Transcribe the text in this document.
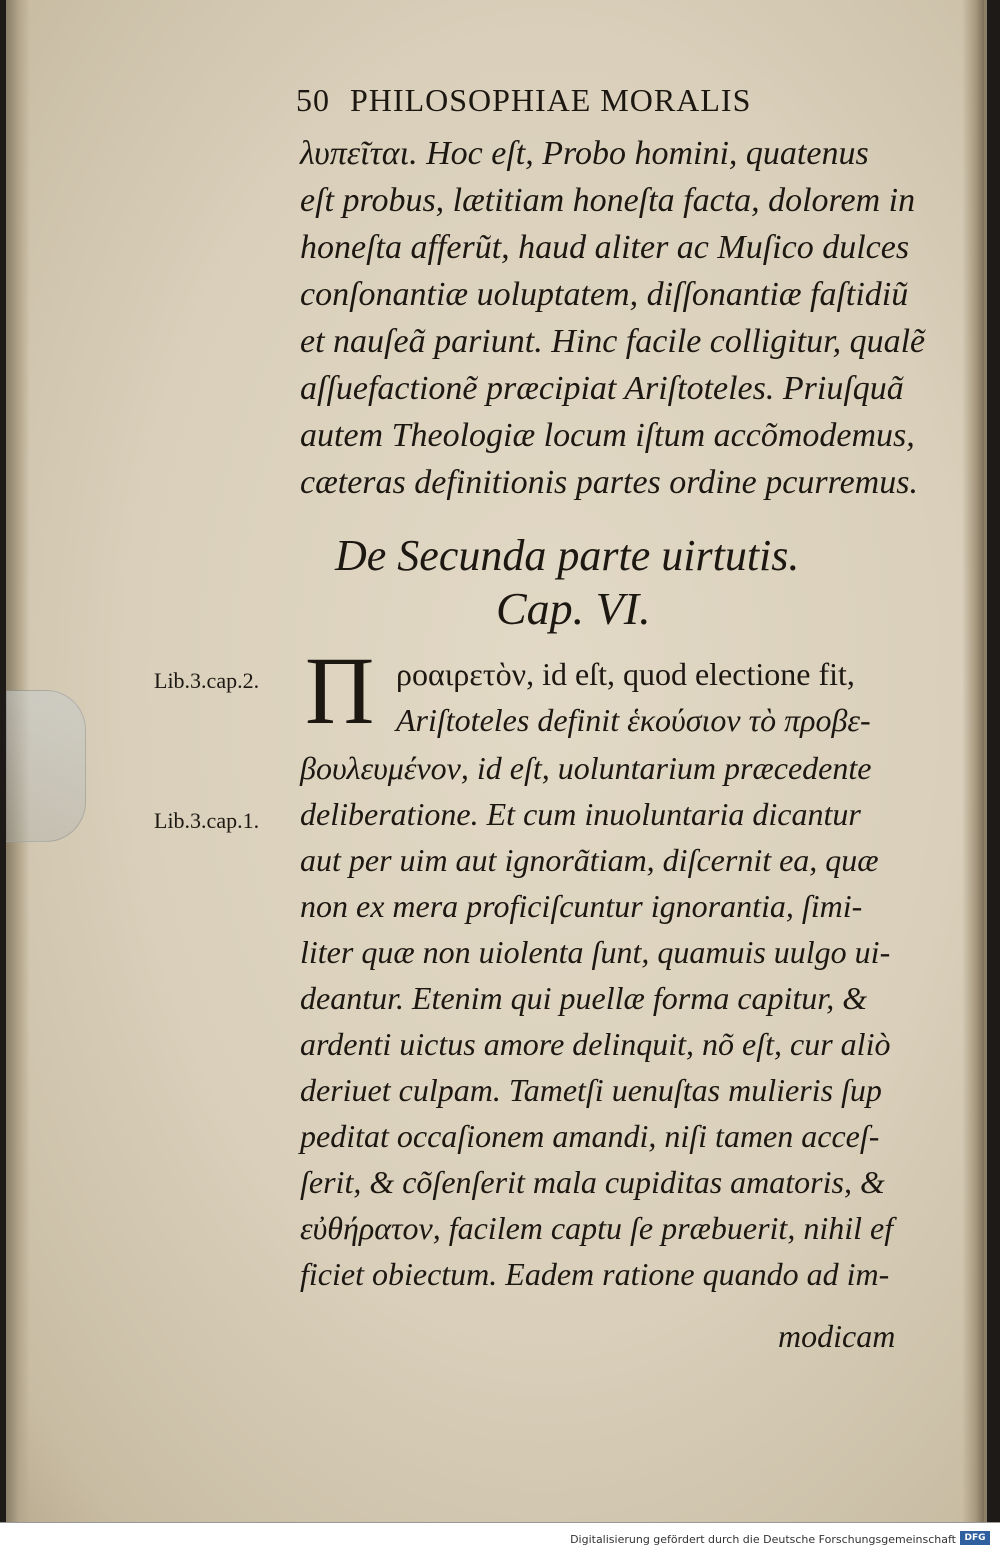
50 PHILOSOPHIAE MORALIS
λυπεῖται. Hoc eſt, Probo homini, quatenus
eſt probus, lætitiam honeſta facta, dolorem in
honeſta afferũt, haud aliter ac Muſico dulces
conſonantiæ uoluptatem, diſſonantiæ faſtidiũ
et nauſeã pariunt. Hinc facile colligitur, qualẽ
aſſuefactionẽ præcipiat Ariſtoteles. Priuſquã
autem Theologiæ locum iſtum accõmodemus,
cæteras definitionis partes ordine pcurremus.
De Secunda parte uirtutis.
Cap. VI.
Lib.3.cap.2.
Lib.3.cap.1.
Π ροαιρετὸν, id eſt, quod electione fit,
Ariſtoteles definit ἑκούσιον τὸ προβε-
βουλευμένον, id eſt, uoluntarium præcedente
deliberatione. Et cum inuoluntaria dicantur
aut per uim aut ignorãtiam, diſcernit ea, quæ
non ex mera proficiſcuntur ignorantia, ſimi-
liter quæ non uiolenta ſunt, quamuis uulgo ui-
deantur. Etenim qui puellæ forma capitur, &
ardenti uictus amore delinquit, nõ eſt, cur aliò
deriuet culpam. Tametſi uenuſtas mulieris ſup
peditat occaſionem amandi, niſi tamen acceſ-
ſerit, & cõſenſerit mala cupiditas amatoris, &
εὐθήρατον, facilem captu ſe præbuerit, nihil ef
ficiet obiectum. Eadem ratione quando ad im-
modicam
Digitalisierung gefördert durch die Deutsche Forschungsgemeinschaft DFG
